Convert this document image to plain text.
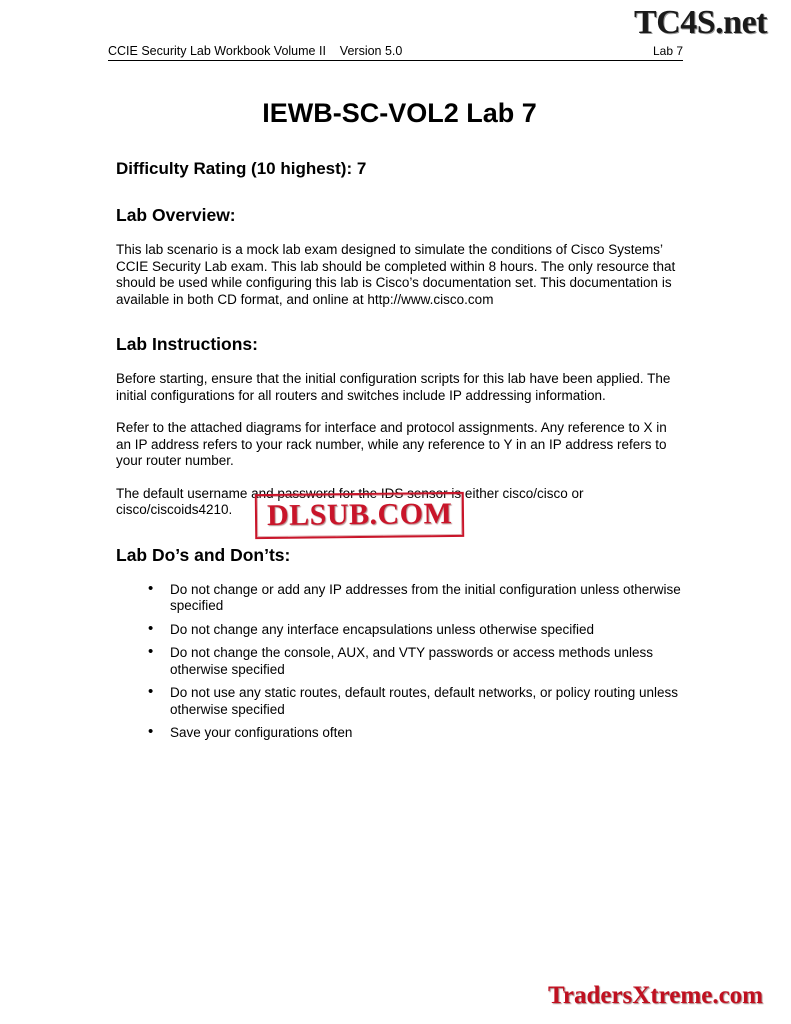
TC4S.net
CCIE Security Lab Workbook Volume II    Version 5.0	Lab 7
IEWB-SC-VOL2 Lab 7
Difficulty Rating (10 highest): 7
Lab Overview:

This lab scenario is a mock lab exam designed to simulate the conditions of Cisco Systems’ CCIE Security Lab exam. This lab should be completed within 8 hours. The only resource that should be used while configuring this lab is Cisco’s documentation set. This documentation is available in both CD format, and online at http://www.cisco.com

Lab Instructions:

Before starting, ensure that the initial configuration scripts for this lab have been applied. The initial configurations for all routers and switches include IP addressing information.

Refer to the attached diagrams for interface and protocol assignments. Any reference to X in an IP address refers to your rack number, while any reference to Y in an IP address refers to your router number.

The default username and password for the IDS sensor is either cisco/cisco or cisco/ciscoids4210.

Lab Do’s and Don’ts:
• Do not change or add any IP addresses from the initial configuration unless otherwise specified
• Do not change any interface encapsulations unless otherwise specified
• Do not change the console, AUX, and VTY passwords or access methods unless otherwise specified
• Do not use any static routes, default routes, default networks, or policy routing unless otherwise specified
• Save your configurations often
DLSUB.COM
TradersXtreme.com
